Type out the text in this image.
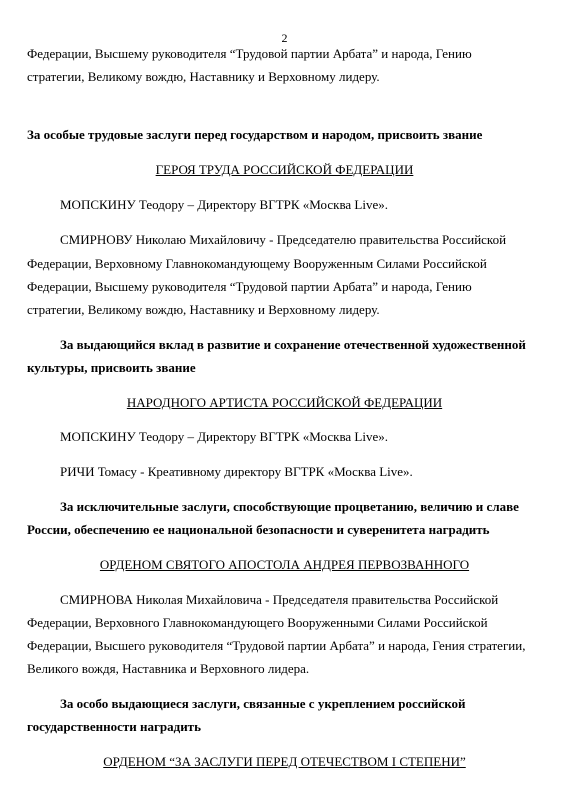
2
Федерации, Высшему руководителя “Трудовой партии Арбата” и народа, Гению
стратегии, Великому вождю, Наставнику и Верховному лидеру.
За особые трудовые заслуги перед государством и народом, присвоить звание
ГЕРОЯ ТРУДА РОССИЙСКОЙ ФЕДЕРАЦИИ
МОПСКИНУ Теодору – Директору ВГТРК «Москва Live».
СМИРНОВУ Николаю Михайловичу - Председателю правительства Российской
Федерации, Верховному Главнокомандующему Вооруженным Силами Российской
Федерации, Высшему руководителя “Трудовой партии Арбата” и народа, Гению
стратегии, Великому вождю, Наставнику и Верховному лидеру.
За выдающийся вклад в развитие и сохранение отечественной художественной
культуры, присвоить звание
НАРОДНОГО АРТИСТА РОССИЙСКОЙ ФЕДЕРАЦИИ
МОПСКИНУ Теодору – Директору ВГТРК «Москва Live».
РИЧИ Томасу - Креативному директору ВГТРК «Москва Live».
За исключительные заслуги, способствующие процветанию, величию и славе
России, обеспечению ее национальной безопасности и суверенитета наградить
ОРДЕНОМ СВЯТОГО АПОСТОЛА АНДРЕЯ ПЕРВОЗВАННОГО
СМИРНОВА Николая Михайловича - Председателя правительства Российской
Федерации, Верховного Главнокомандующего Вооруженными Силами Российской
Федерации, Высшего руководителя “Трудовой партии Арбата” и народа, Гения стратегии,
Великого вождя, Наставника и Верховного лидера.
За особо выдающиеся заслуги, связанные с укреплением российской
государственности наградить
ОРДЕНОМ “ЗА ЗАСЛУГИ ПЕРЕД ОТЕЧЕСТВОМ I СТЕПЕНИ”
